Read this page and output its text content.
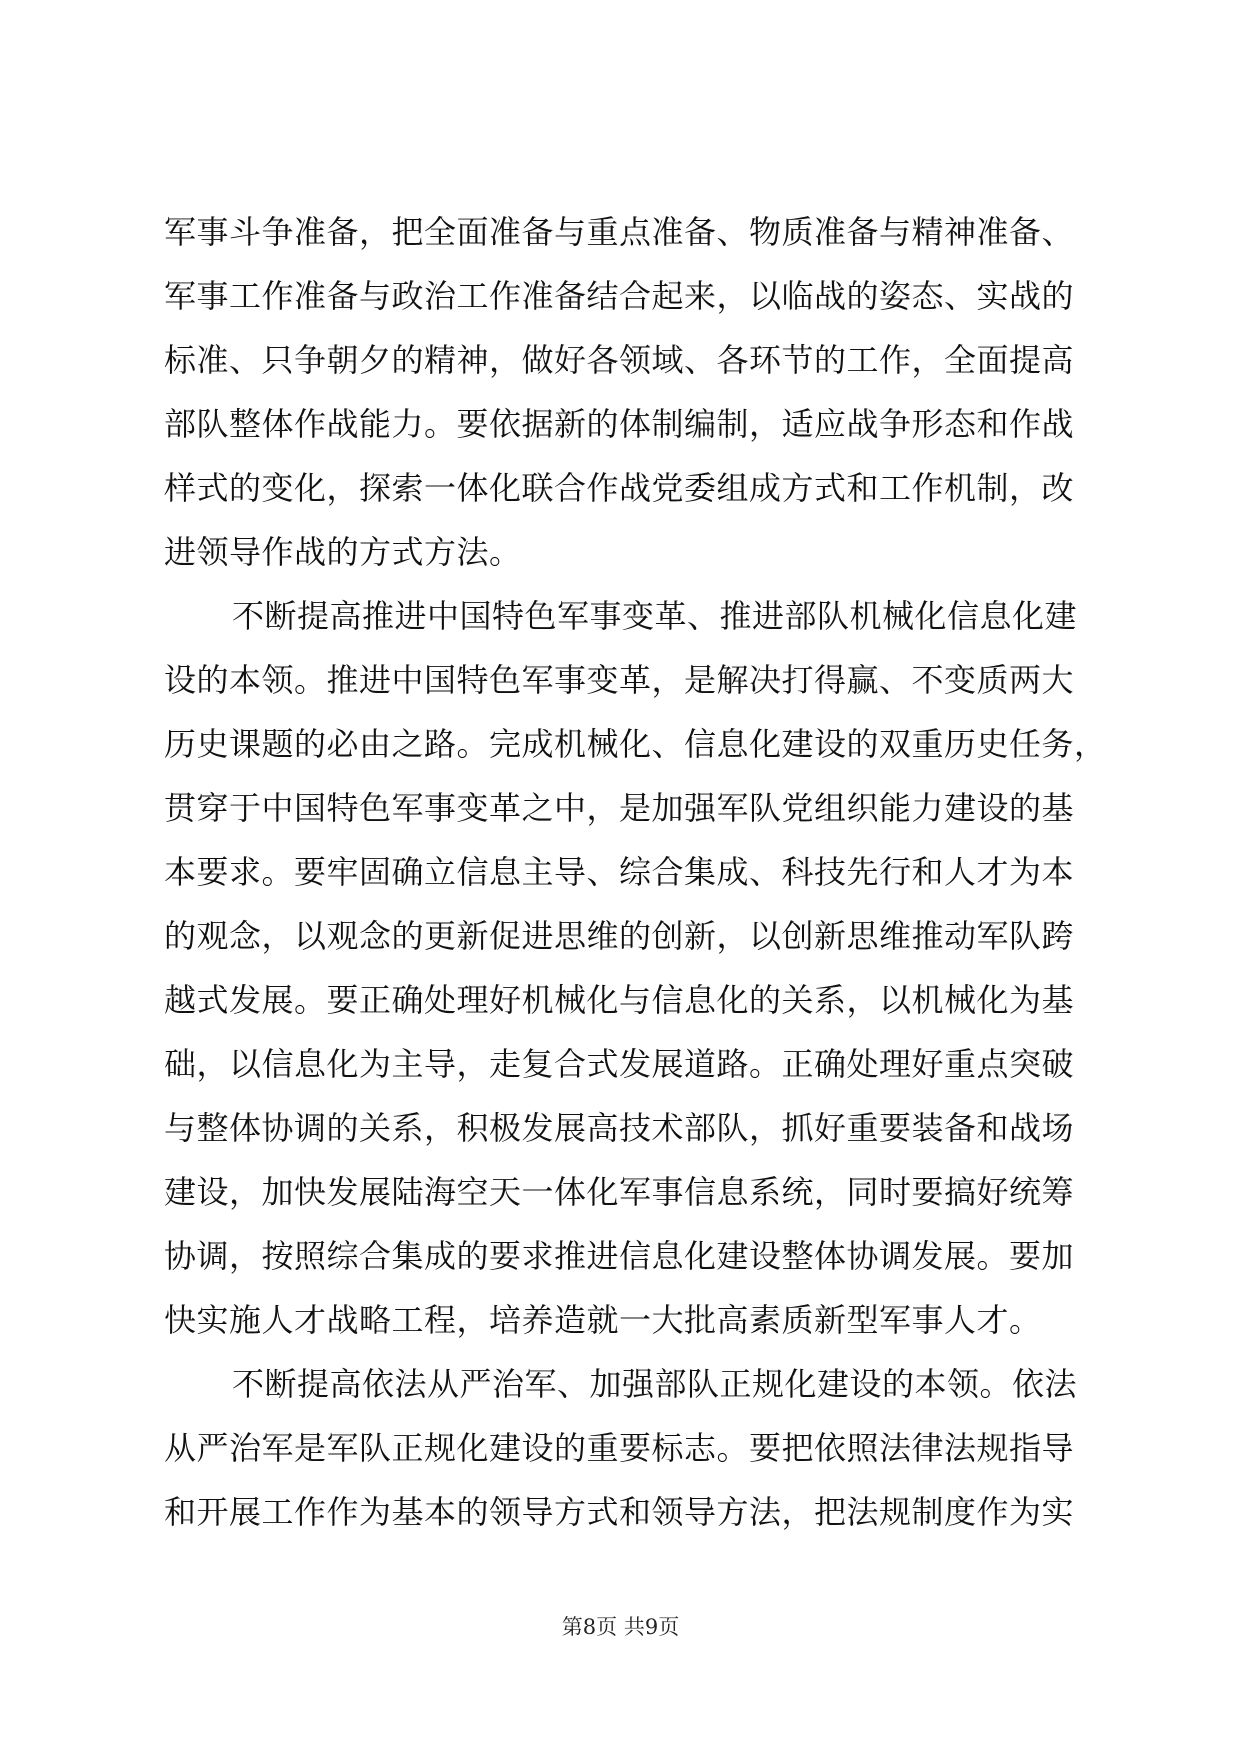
军事斗争准备，把全面准备与重点准备、物质准备与精神准备、
军事工作准备与政治工作准备结合起来，以临战的姿态、实战的
标准、只争朝夕的精神，做好各领域、各环节的工作，全面提高
部队整体作战能力。要依据新的体制编制，适应战争形态和作战
样式的变化，探索一体化联合作战党委组成方式和工作机制，改
进领导作战的方式方法。
不断提高推进中国特色军事变革、推进部队机械化信息化建
设的本领。推进中国特色军事变革，是解决打得赢、不变质两大
历史课题的必由之路。完成机械化、信息化建设的双重历史任务，
贯穿于中国特色军事变革之中，是加强军队党组织能力建设的基
本要求。要牢固确立信息主导、综合集成、科技先行和人才为本
的观念，以观念的更新促进思维的创新，以创新思维推动军队跨
越式发展。要正确处理好机械化与信息化的关系，以机械化为基
础，以信息化为主导，走复合式发展道路。正确处理好重点突破
与整体协调的关系，积极发展高技术部队，抓好重要装备和战场
建设，加快发展陆海空天一体化军事信息系统，同时要搞好统筹
协调，按照综合集成的要求推进信息化建设整体协调发展。要加
快实施人才战略工程，培养造就一大批高素质新型军事人才。
不断提高依法从严治军、加强部队正规化建设的本领。依法
从严治军是军队正规化建设的重要标志。要把依照法律法规指导
和开展工作作为基本的领导方式和领导方法，把法规制度作为实
第8页 共9页
